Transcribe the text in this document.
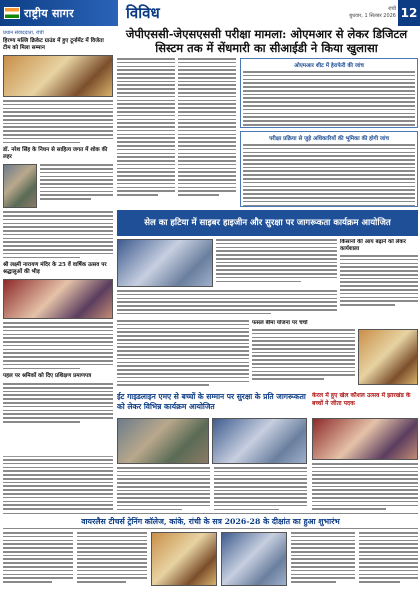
राष्ट्रीय सागर	विविध	रांची
बुधवार, 1 सितंबर 2026 12
जेपीएससी-जेएसएससी परीक्षा मामला: ओएमआर से लेकर डिजिटल सिस्टम तक में सेंधमारी का सीआईडी ने किया खुलासा
प्रधान संवाददाता, रांची
हिरण्य मल्लि क्रिकेट ग्राउंड में हुए टूर्नामेंट में विजेता टीम को मिला सम्मान
डॉ. नरेश सिंह के निधन से साहित्य जगत में शोक की लहर
श्री लक्ष्मी नारायण मंदिर के 25 वें वार्षिक उत्सव पर श्रद्धालुओं की भीड़
पहल पर श्रमिकों को दिए प्रशिक्षण प्रमाणपत्र
ओएमआर शीट में हेराफेरी की जांच
परीक्षा प्रक्रिया से जुड़े अधिकारियों की भूमिका की होगी जांच
सेल का हटिया में साइबर हाइजीन और सुरक्षा पर जागरूकता कार्यक्रम आयोजित
किसानों की आय बढ़ाने को लेकर कार्यशाला
फसल बीमा योजना पर चर्चा
ईट गाइडलाइन एमए से बच्चों के सम्मान पर सुरक्षा के प्रति जागरूकता को लेकर विभिन्न कार्यक्रम आयोजित
केरल में हुए खेल कौशल उत्सव में झारखंड के बच्चों ने जीता पदक
वायरलैस टीचर्स ट्रेनिंग कॉलेज, कांके, रांची के सत्र 2026-28 के दीक्षांत का हुआ शुभारंभ
